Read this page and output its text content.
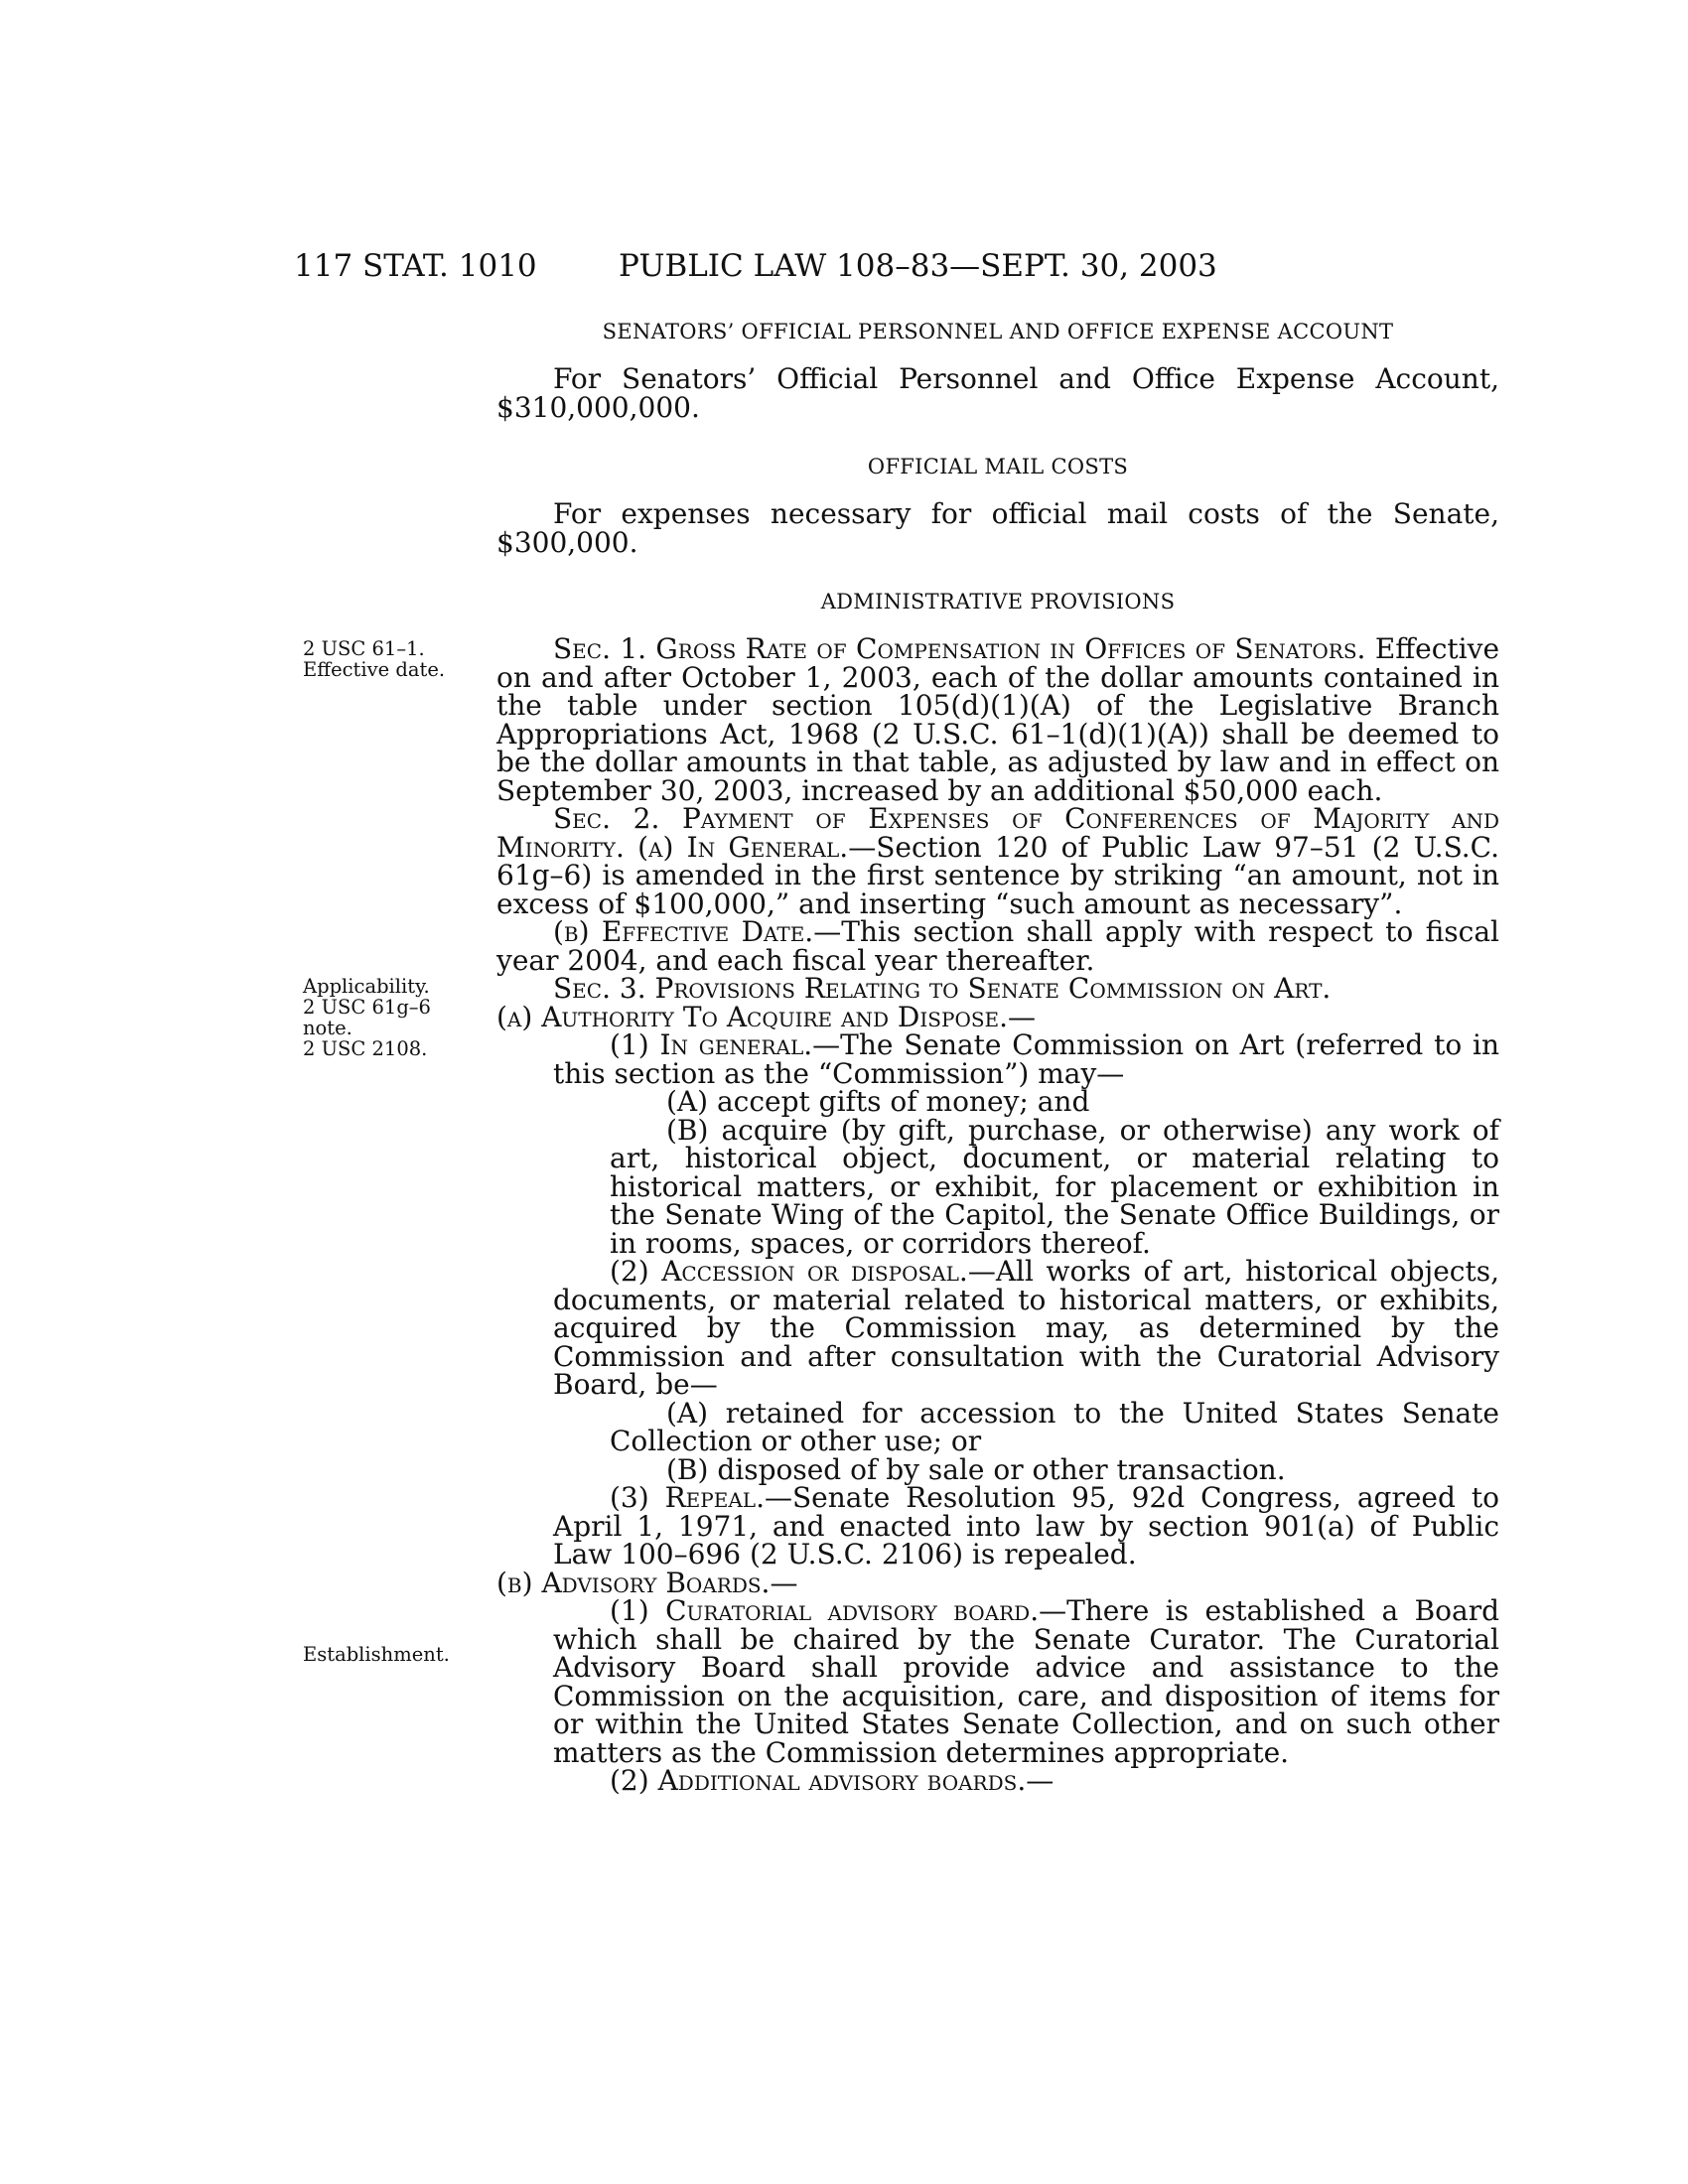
117 STAT. 1010	PUBLIC LAW 108–83—SEPT. 30, 2003
SENATORS’ OFFICIAL PERSONNEL AND OFFICE EXPENSE ACCOUNT

For Senators’ Official Personnel and Office Expense Account, $310,000,000.

OFFICIAL MAIL COSTS

For expenses necessary for official mail costs of the Senate, $300,000.

ADMINISTRATIVE PROVISIONS
2 USC 61–1.
Effective date.
Applicability.
2 USC 61g–6
note.
2 USC 2108.
Establishment.

Sec. 1. Gross Rate of Compensation in Offices of Senators. Effective on and after October 1, 2003, each of the dollar amounts contained in the table under section 105(d)(1)(A) of the Legislative Branch Appropriations Act, 1968 (2 U.S.C. 61–1(d)(1)(A)) shall be deemed to be the dollar amounts in that table, as adjusted by law and in effect on September 30, 2003, increased by an additional $50,000 each.

Sec. 2. Payment of Expenses of Conferences of Majority and Minority. (a) In General.—Section 120 of Public Law 97–51 (2 U.S.C. 61g–6) is amended in the first sentence by striking “an amount, not in excess of $100,000,” and inserting “such amount as necessary”.

(b) Effective Date.—This section shall apply with respect to fiscal year 2004, and each fiscal year thereafter.

Sec. 3. Provisions Relating to Senate Commission on Art.

(a) Authority To Acquire and Dispose.—

(1) In general.—The Senate Commission on Art (referred to in this section as the “Commission”) may—

(A) accept gifts of money; and

(B) acquire (by gift, purchase, or otherwise) any work of art, historical object, document, or material relating to historical matters, or exhibit, for placement or exhibition in the Senate Wing of the Capitol, the Senate Office Buildings, or in rooms, spaces, or corridors thereof.

(2) Accession or disposal.—All works of art, historical objects, documents, or material related to historical matters, or exhibits, acquired by the Commission may, as determined by the Commission and after consultation with the Curatorial Advisory Board, be—

(A) retained for accession to the United States Senate Collection or other use; or

(B) disposed of by sale or other transaction.

(3) Repeal.—Senate Resolution 95, 92d Congress, agreed to April 1, 1971, and enacted into law by section 901(a) of Public Law 100–696 (2 U.S.C. 2106) is repealed.

(b) Advisory Boards.—

(1) Curatorial advisory board.—There is established a Board which shall be chaired by the Senate Curator. The Curatorial Advisory Board shall provide advice and assistance to the Commission on the acquisition, care, and disposition of items for or within the United States Senate Collection, and on such other matters as the Commission determines appropriate.

(2) Additional advisory boards.—
